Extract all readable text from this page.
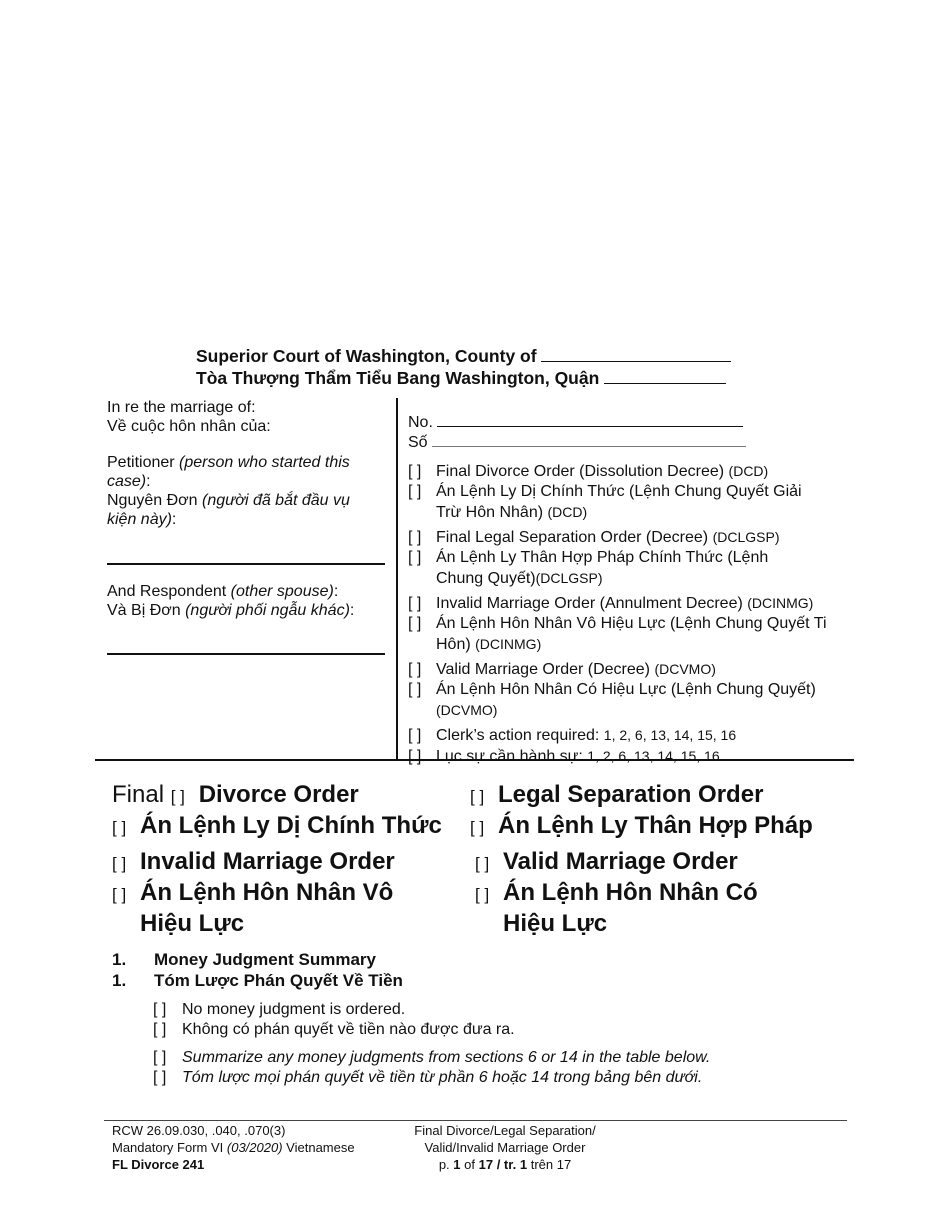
Superior Court of Washington, County of
Tòa Thượng Thẩm Tiểu Bang Washington, Quận
In re the marriage of:
Về cuộc hôn nhân của:
Petitioner (person who started this case):
Nguyên Đơn (người đã bắt đầu vụ kiện này):
And Respondent (other spouse):
Và Bị Đơn (người phối ngẫu khác):
No.
Số
[ ] Final Divorce Order (Dissolution Decree) (DCD)
[ ] Án Lệnh Ly Dị Chính Thức (Lệnh Chung Quyết Giải
Trừ Hôn Nhân) (DCD)
[ ] Final Legal Separation Order (Decree) (DCLGSP)
[ ] Án Lệnh Ly Thân Hợp Pháp Chính Thức (Lệnh
Chung Quyết)(DCLGSP)
[ ] Invalid Marriage Order (Annulment Decree) (DCINMG)
[ ] Án Lệnh Hôn Nhân Vô Hiệu Lực (Lệnh Chung Quyết Ti
Hôn) (DCINMG)
[ ] Valid Marriage Order (Decree) (DCVMO)
[ ] Án Lệnh Hôn Nhân Có Hiệu Lực (Lệnh Chung Quyết)
(DCVMO)
[ ] Clerk’s action required: 1, 2, 6, 13, 14, 15, 16
[ ] Lục sự cần hành sự: 1, 2, 6, 13, 14, 15, 16
Final [ ] Divorce Order
[ ] Án Lệnh Ly Dị Chính Thức
[ ] Legal Separation Order
[ ] Án Lệnh Ly Thân Hợp Pháp
[ ] Invalid Marriage Order
[ ] Án Lệnh Hôn Nhân Vô
Hiệu Lực
[ ] Valid Marriage Order
[ ] Án Lệnh Hôn Nhân Có
Hiệu Lực
1. Money Judgment Summary
1. Tóm Lược Phán Quyết Về Tiền
[ ] No money judgment is ordered.
[ ] Không có phán quyết về tiền nào được đưa ra.
[ ] Summarize any money judgments from sections 6 or 14 in the table below.
[ ] Tóm lược mọi phán quyết về tiền từ phần 6 hoặc 14 trong bảng bên dưới.
RCW 26.09.030, .040, .070(3)
Mandatory Form VI (03/2020) Vietnamese
FL Divorce 241
Final Divorce/Legal Separation/
Valid/Invalid Marriage Order
p. 1 of 17 / tr. 1 trên 17
